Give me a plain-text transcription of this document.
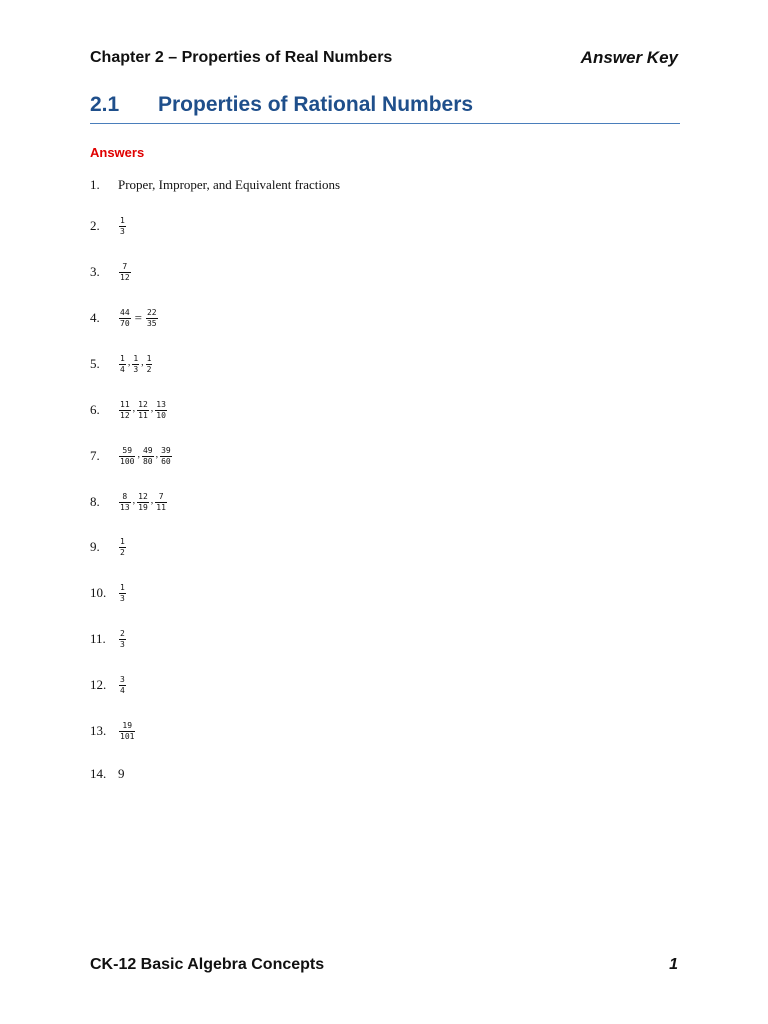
Chapter 2 – Properties of Real Numbers	Answer Key
2.1 Properties of Rational Numbers
Answers
1.	Proper, Improper, and Equivalent fractions
2.	$\frac{1}{3}$
3.	$\frac{7}{12}$
4.	$\frac{44}{70} = \frac{22}{35}$
5.	$\frac{1}{4}$ , $\frac{1}{3}$ , $\frac{1}{2}$
6.	$\frac{11}{12}$ , $\frac{12}{11}$ , $\frac{13}{10}$
7.	$\frac{59}{100}$ , $\frac{49}{80}$ , $\frac{39}{60}$
8.	$\frac{8}{13}$ , $\frac{12}{19}$ , $\frac{7}{11}$
9.	$\frac{1}{2}$
10.	$\frac{1}{3}$
11.	$\frac{2}{3}$
12.	$\frac{3}{4}$
13.	$\frac{19}{101}$
14. 9
CK-12 Basic Algebra Concepts	1
